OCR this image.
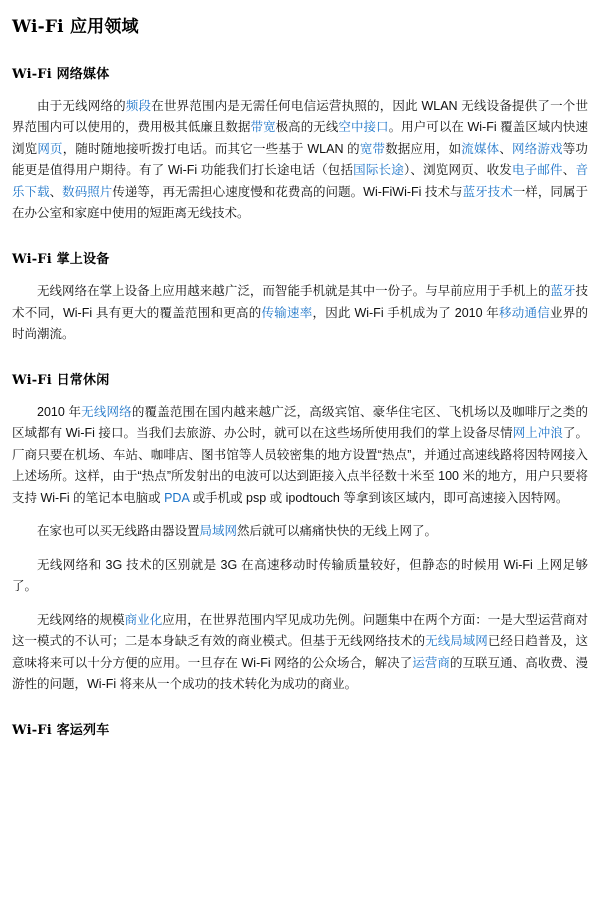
Wi-Fi 应用领域
Wi-Fi 网络媒体

由于无线网络的频段在世界范围内是无需任何电信运营执照的，因此 WLAN 无线设备提供了一个世界范围内可以使用的，费用极其低廉且数据带宽极高的无线空中接口。用户可以在 Wi-Fi 覆盖区域内快速浏览网页，随时随地接听拨打电话。而其它一些基于 WLAN 的宽带数据应用，如流媒体、网络游戏等功能更是值得用户期待。有了 Wi-Fi 功能我们打长途电话（包括国际长途）、浏览网页、收发电子邮件、音乐下载、数码照片传递等，再无需担心速度慢和花费高的问题。Wi-FiWi-Fi 技术与蓝牙技术一样，同属于在办公室和家庭中使用的短距离无线技术。

Wi-Fi 掌上设备

无线网络在掌上设备上应用越来越广泛，而智能手机就是其中一份子。与早前应用于手机上的蓝牙技术不同，Wi-Fi 具有更大的覆盖范围和更高的传输速率，因此 Wi-Fi 手机成为了 2010 年移动通信业界的时尚潮流。

Wi-Fi 日常休闲

2010 年无线网络的覆盖范围在国内越来越广泛，高级宾馆、豪华住宅区、飞机场以及咖啡厅之类的区域都有 Wi-Fi 接口。当我们去旅游、办公时，就可以在这些场所使用我们的掌上设备尽情网上冲浪了。厂商只要在机场、车站、咖啡店、图书馆等人员较密集的地方设置“热点”，并通过高速线路将因特网接入上述场所。这样，由于“热点”所发射出的电波可以达到距接入点半径数十米至 100 米的地方，用户只要将支持 Wi-Fi 的笔记本电脑或 PDA 或手机或 psp 或 ipodtouch 等拿到该区域内，即可高速接入因特网。

在家也可以买无线路由器设置局域网然后就可以痛痛快快的无线上网了。

无线网络和 3G 技术的区别就是 3G 在高速移动时传输质量较好，但静态的时候用 Wi-Fi 上网足够了。

无线网络的规模商业化应用，在世界范围内罕见成功先例。问题集中在两个方面：一是大型运营商对这一模式的不认可；二是本身缺乏有效的商业模式。但基于无线网络技术的无线局域网已经日趋普及，这意味将来可以十分方便的应用。一旦存在 Wi-Fi 网络的公众场合，解决了运营商的互联互通、高收费、漫游性的问题，Wi-Fi 将来从一个成功的技术转化为成功的商业。

Wi-Fi 客运列车
